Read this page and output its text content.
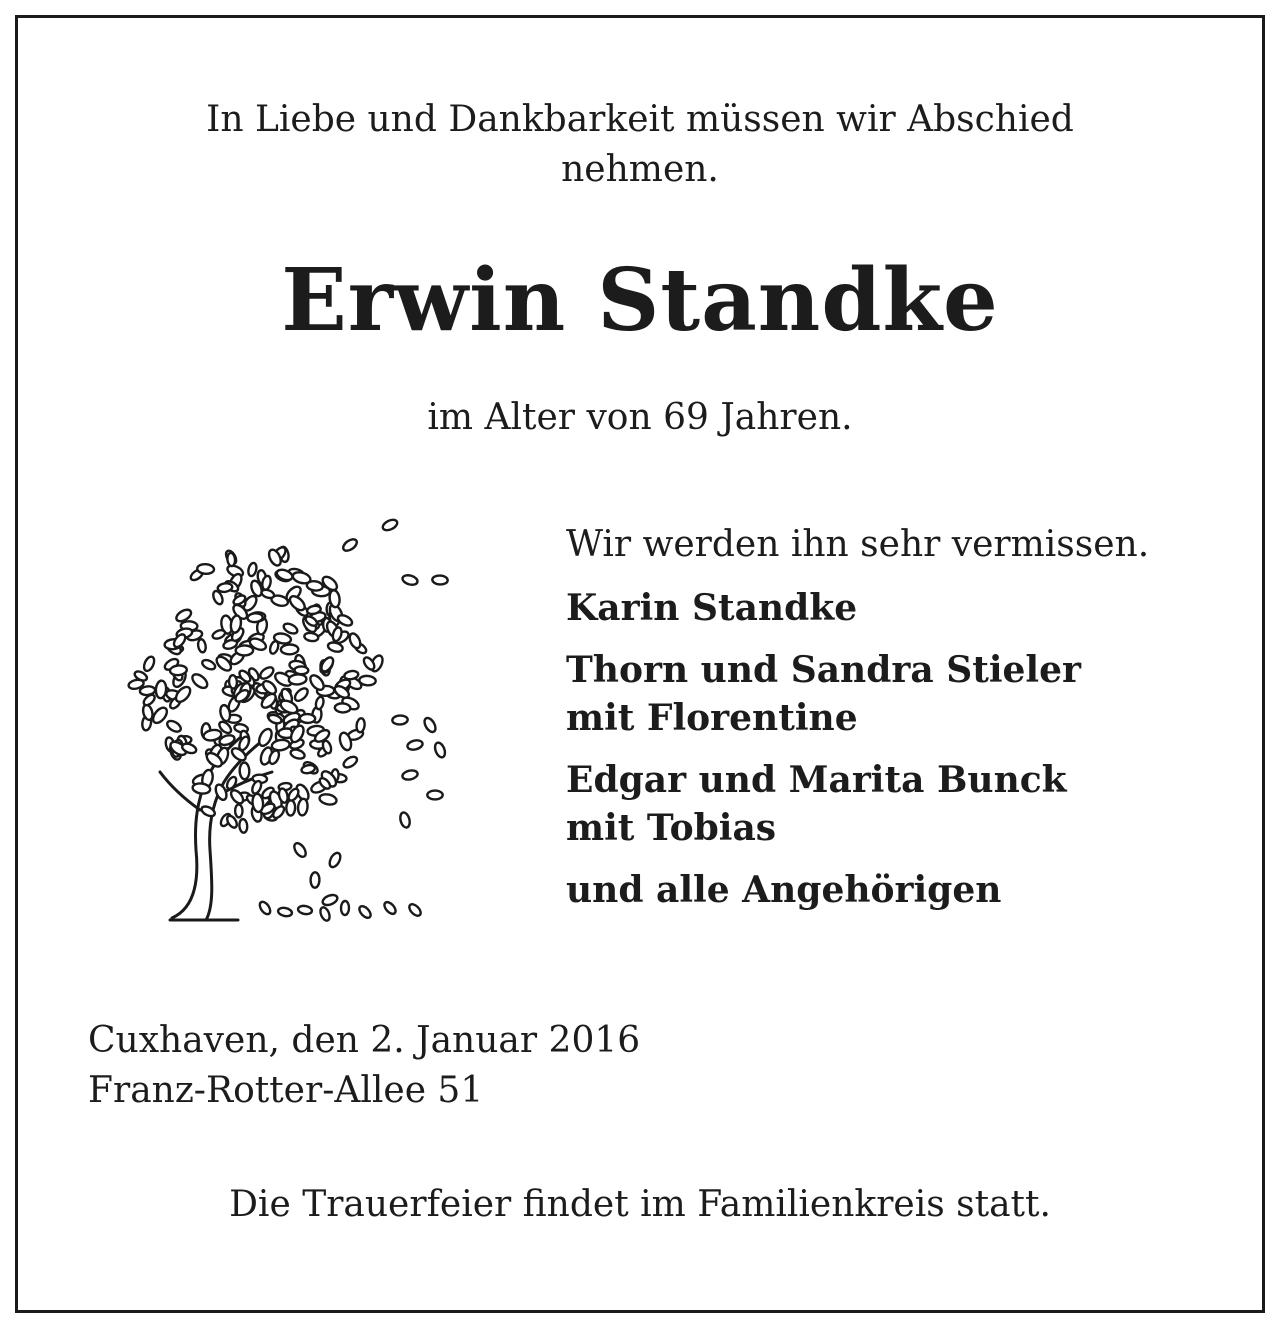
In Liebe und Dankbarkeit müssen wir Abschied
nehmen.
Erwin Standke
im Alter von 69 Jahren.
Wir werden ihn sehr vermissen.
Karin Standke
Thorn und Sandra Stieler
mit Florentine
Edgar und Marita Bunck
mit Tobias
und alle Angehörigen
Cuxhaven, den 2. Januar 2016
Franz-Rotter-Allee 51
Die Trauerfeier findet im Familienkreis statt.
